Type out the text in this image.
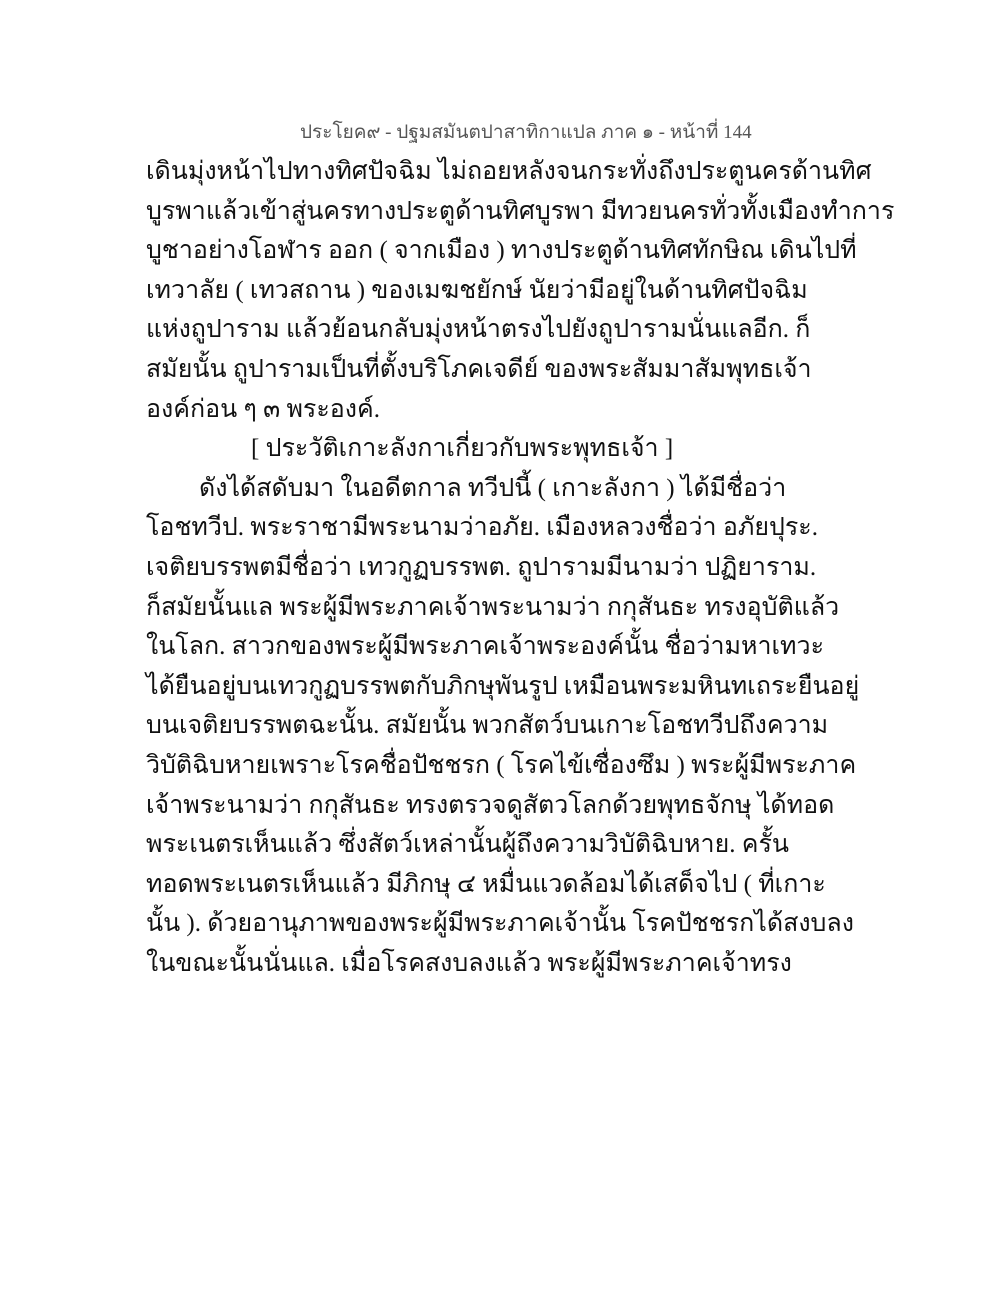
ประโยค๙ - ปฐมสมันตปาสาทิกาแปล ภาค ๑ - หน้าที่ 144
เดินมุ่งหน้าไปทางทิศปัจฉิม ไม่ถอยหลังจนกระทั่งถึงประตูนครด้านทิศ
บูรพาแล้วเข้าสู่นครทางประตูด้านทิศบูรพา มีทวยนครทั่วทั้งเมืองทำการ
บูชาอย่างโอฬาร ออก ( จากเมือง ) ทางประตูด้านทิศทักษิณ เดินไปที่
เทวาลัย ( เทวสถาน ) ของเมฆชยักษ์ นัยว่ามีอยู่ในด้านทิศปัจฉิม
แห่งถูปาราม แล้วย้อนกลับมุ่งหน้าตรงไปยังถูปารามนั่นแลอีก. ก็
สมัยนั้น ถูปารามเป็นที่ตั้งบริโภคเจดีย์ ของพระสัมมาสัมพุทธเจ้า
องค์ก่อน ๆ ๓ พระองค์.
[ ประวัติเกาะลังกาเกี่ยวกับพระพุทธเจ้า ]
ดังได้สดับมา ในอดีตกาล ทวีปนี้ ( เกาะลังกา ) ได้มีชื่อว่า
โอชทวีป. พระราชามีพระนามว่าอภัย. เมืองหลวงชื่อว่า อภัยปุระ.
เจติยบรรพตมีชื่อว่า เทวกูฏบรรพต. ถูปารามมีนามว่า ปฏิยาราม.
ก็สมัยนั้นแล พระผู้มีพระภาคเจ้าพระนามว่า กกุสันธะ ทรงอุบัติแล้ว
ในโลก. สาวกของพระผู้มีพระภาคเจ้าพระองค์นั้น ชื่อว่ามหาเทวะ
ได้ยืนอยู่บนเทวกูฏบรรพตกับภิกษุพันรูป เหมือนพระมหินทเถระยืนอยู่
บนเจติยบรรพตฉะนั้น. สมัยนั้น พวกสัตว์บนเกาะโอชทวีปถึงความ
วิบัติฉิบหายเพราะโรคชื่อปัชชรก ( โรคไข้เซื่องซึม ) พระผู้มีพระภาค
เจ้าพระนามว่า กกุสันธะ ทรงตรวจดูสัตวโลกด้วยพุทธจักษุ ได้ทอด
พระเนตรเห็นแล้ว ซึ่งสัตว์เหล่านั้นผู้ถึงความวิบัติฉิบหาย. ครั้น
ทอดพระเนตรเห็นแล้ว มีภิกษุ ๔ หมื่นแวดล้อมได้เสด็จไป ( ที่เกาะ
นั้น ). ด้วยอานุภาพของพระผู้มีพระภาคเจ้านั้น โรคปัชชรกได้สงบลง
ในขณะนั้นนั่นแล. เมื่อโรคสงบลงแล้ว พระผู้มีพระภาคเจ้าทรง
